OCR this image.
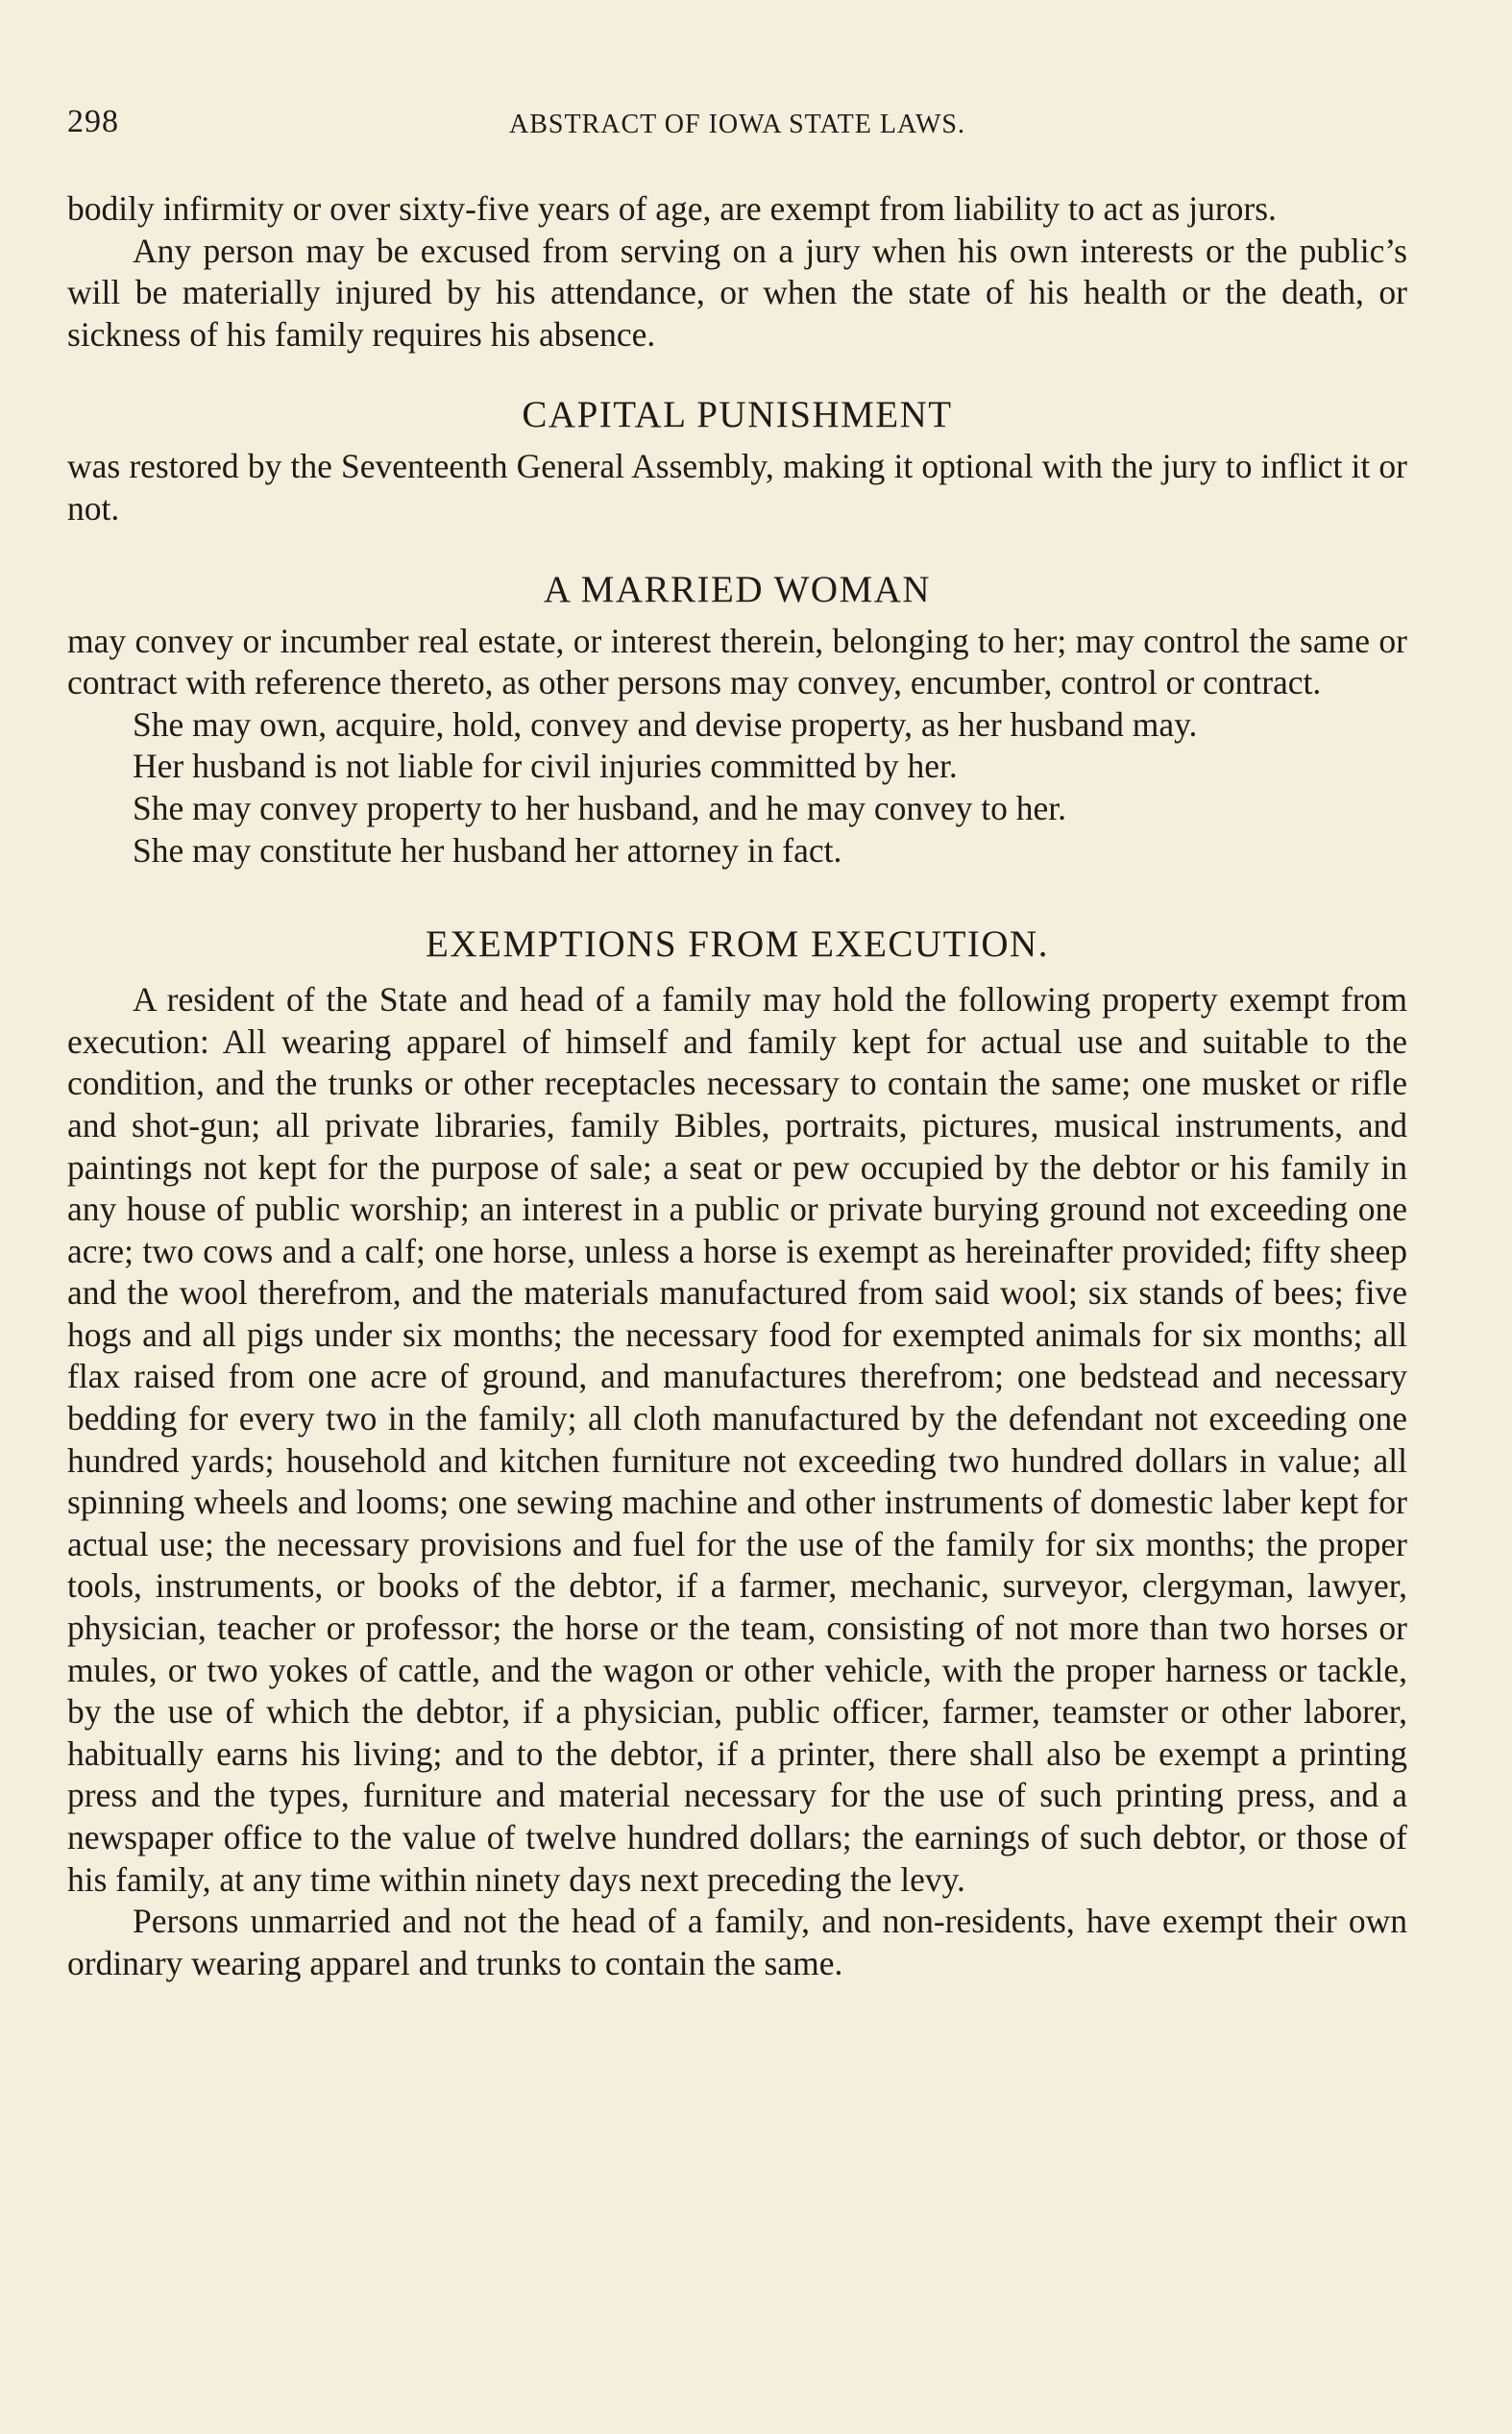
298	ABSTRACT OF IOWA STATE LAWS.

bodily infirmity or over sixty-five years of age, are exempt from liability to act as jurors.

Any person may be excused from serving on a jury when his own interests or the public’s will be materially injured by his attendance, or when the state of his health or the death, or sickness of his family requires his absence.

CAPITAL PUNISHMENT

was restored by the Seventeenth General Assembly, making it optional with the jury to inflict it or not.

A MARRIED WOMAN

may convey or incumber real estate, or interest therein, belonging to her; may control the same or contract with reference thereto, as other persons may convey, encumber, control or contract.

She may own, acquire, hold, convey and devise property, as her husband may.

Her husband is not liable for civil injuries committed by her.

She may convey property to her husband, and he may convey to her.

She may constitute her husband her attorney in fact.

EXEMPTIONS FROM EXECUTION.

A resident of the State and head of a family may hold the following property exempt from execution: All wearing apparel of himself and family kept for actual use and suitable to the condition, and the trunks or other receptacles necessary to contain the same; one musket or rifle and shot-gun; all private libraries, family Bibles, portraits, pictures, musical instruments, and paintings not kept for the purpose of sale; a seat or pew occupied by the debtor or his family in any house of public worship; an interest in a public or private burying ground not exceeding one acre; two cows and a calf; one horse, unless a horse is exempt as hereinafter provided; fifty sheep and the wool therefrom, and the materials manufactured from said wool; six stands of bees; five hogs and all pigs under six months; the necessary food for exempted animals for six months; all flax raised from one acre of ground, and manufactures therefrom; one bedstead and necessary bedding for every two in the family; all cloth manufactured by the defendant not exceeding one hundred yards; household and kitchen furniture not exceeding two hundred dollars in value; all spinning wheels and looms; one sewing machine and other instruments of domestic laber kept for actual use; the necessary provisions and fuel for the use of the family for six months; the proper tools, instruments, or books of the debtor, if a farmer, mechanic, surveyor, clergyman, lawyer, physician, teacher or professor; the horse or the team, consisting of not more than two horses or mules, or two yokes of cattle, and the wagon or other vehicle, with the proper harness or tackle, by the use of which the debtor, if a physician, public officer, farmer, teamster or other laborer, habitually earns his living; and to the debtor, if a printer, there shall also be exempt a printing press and the types, furniture and material necessary for the use of such printing press, and a newspaper office to the value of twelve hundred dollars; the earnings of such debtor, or those of his family, at any time within ninety days next preceding the levy.

Persons unmarried and not the head of a family, and non-residents, have exempt their own ordinary wearing apparel and trunks to contain the same.
